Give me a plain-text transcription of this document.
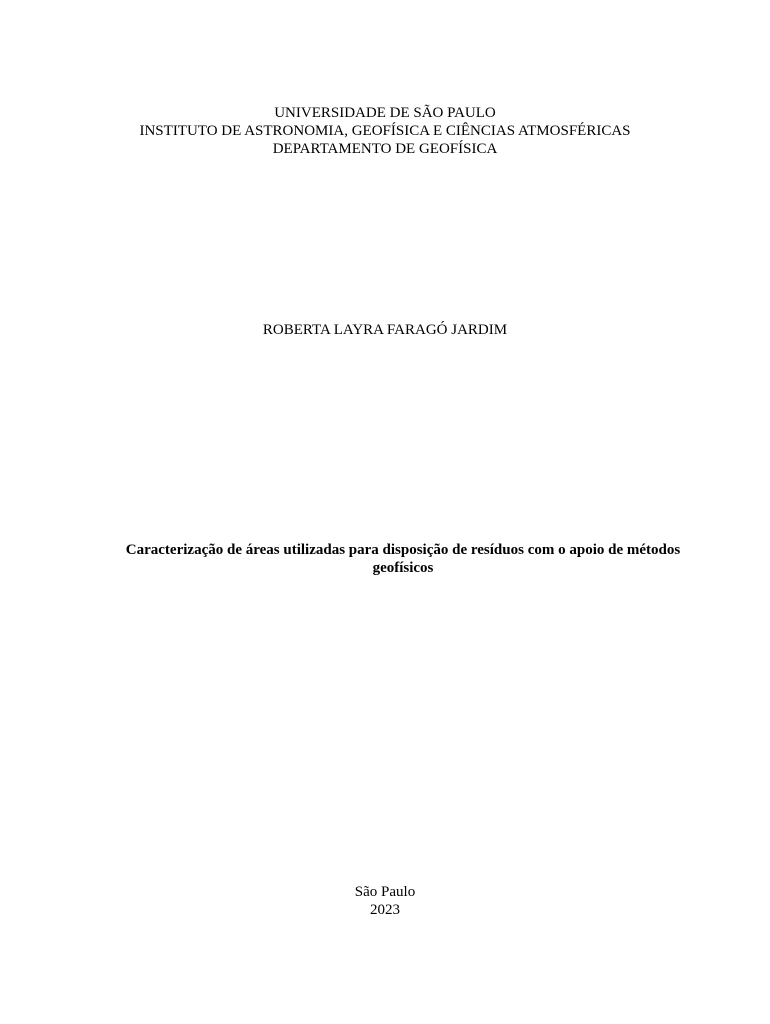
UNIVERSIDADE DE SÃO PAULO
INSTITUTO DE ASTRONOMIA, GEOFÍSICA E CIÊNCIAS ATMOSFÉRICAS
DEPARTAMENTO DE GEOFÍSICA
ROBERTA LAYRA FARAGÓ JARDIM
Caracterização de áreas utilizadas para disposição de resíduos com o apoio de métodos geofísicos
São Paulo
2023
